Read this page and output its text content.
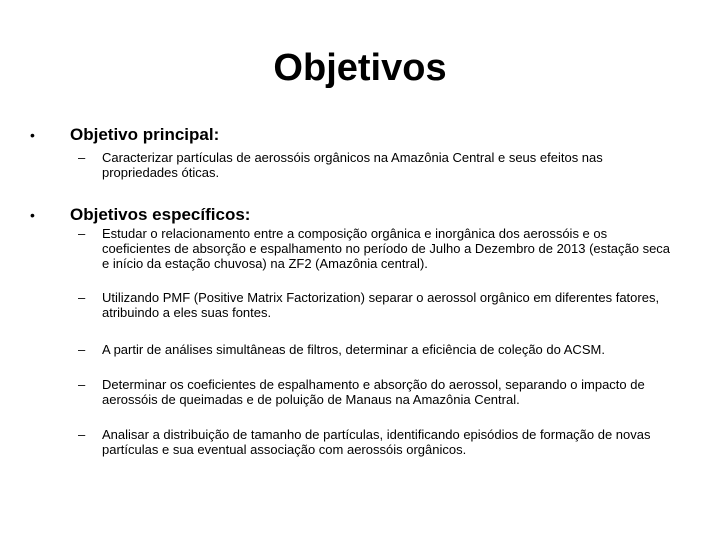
Objetivos
• Objetivo principal:
– Caracterizar partículas de aerossóis orgânicos na Amazônia Central e seus efeitos nas propriedades óticas.
• Objetivos específicos:
– Estudar o relacionamento entre a composição orgânica e inorgânica dos aerossóis e os coeficientes de absorção e espalhamento no período de Julho a Dezembro de 2013 (estação seca e início da estação chuvosa) na ZF2 (Amazônia central).
– Utilizando PMF (Positive Matrix Factorization) separar o aerossol orgânico em diferentes fatores, atribuindo a eles suas fontes.
– A partir de análises simultâneas de filtros, determinar a eficiência de coleção do ACSM.
– Determinar os coeficientes de espalhamento e absorção do aerossol, separando o impacto de aerossóis de queimadas e de poluição de Manaus na Amazônia Central.
– Analisar a distribuição de tamanho de partículas, identificando episódios de formação de novas partículas e sua eventual associação com aerossóis orgânicos.
